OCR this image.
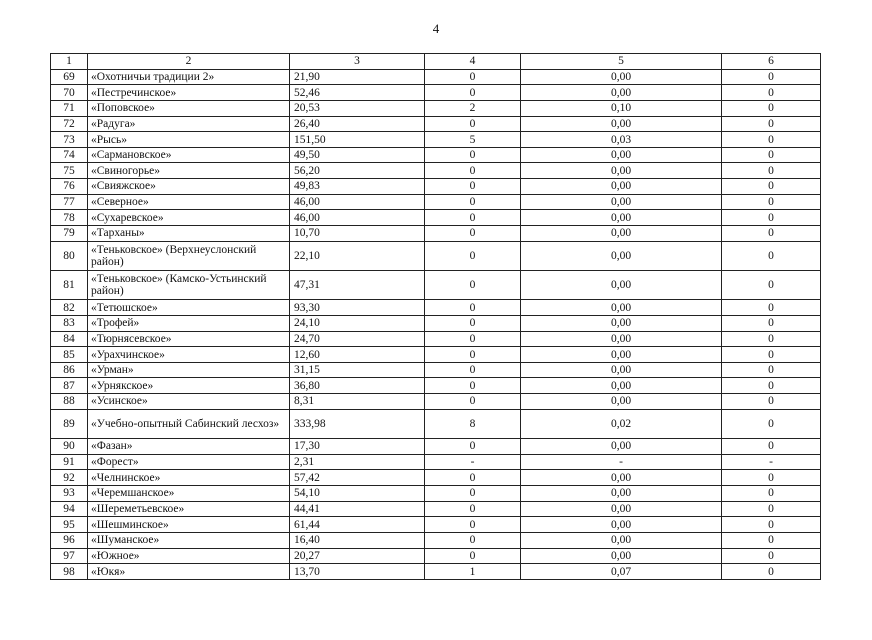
4
1	2	3	4	5	6
69	«Охотничьи традиции 2»	21,90	0	0,00	0
70	«Пестречинское»	52,46	0	0,00	0
71	«Поповское»	20,53	2	0,10	0
72	«Радуга»	26,40	0	0,00	0
73	«Рысь»	151,50	5	0,03	0
74	«Сармановское»	49,50	0	0,00	0
75	«Свиногорье»	56,20	0	0,00	0
76	«Свияжское»	49,83	0	0,00	0
77	«Северное»	46,00	0	0,00	0
78	«Сухаревское»	46,00	0	0,00	0
79	«Тарханы»	10,70	0	0,00	0
80	«Теньковское» (Верхнеуслонский район)	22,10	0	0,00	0
81	«Теньковское» (Камско-Устьинский район)	47,31	0	0,00	0
82	«Тетюшское»	93,30	0	0,00	0
83	«Трофей»	24,10	0	0,00	0
84	«Тюрнясевское»	24,70	0	0,00	0
85	«Урахчинское»	12,60	0	0,00	0
86	«Урман»	31,15	0	0,00	0
87	«Урнякское»	36,80	0	0,00	0
88	«Усинское»	8,31	0	0,00	0
89	«Учебно-опытный Сабинский лесхоз»	333,98	8	0,02	0
90	«Фазан»	17,30	0	0,00	0
91	«Форест»	2,31	-	-	-
92	«Челнинское»	57,42	0	0,00	0
93	«Черемшанское»	54,10	0	0,00	0
94	«Шереметьевское»	44,41	0	0,00	0
95	«Шешминское»	61,44	0	0,00	0
96	«Шуманское»	16,40	0	0,00	0
97	«Южное»	20,27	0	0,00	0
98	«Юкя»	13,70	1	0,07	0
